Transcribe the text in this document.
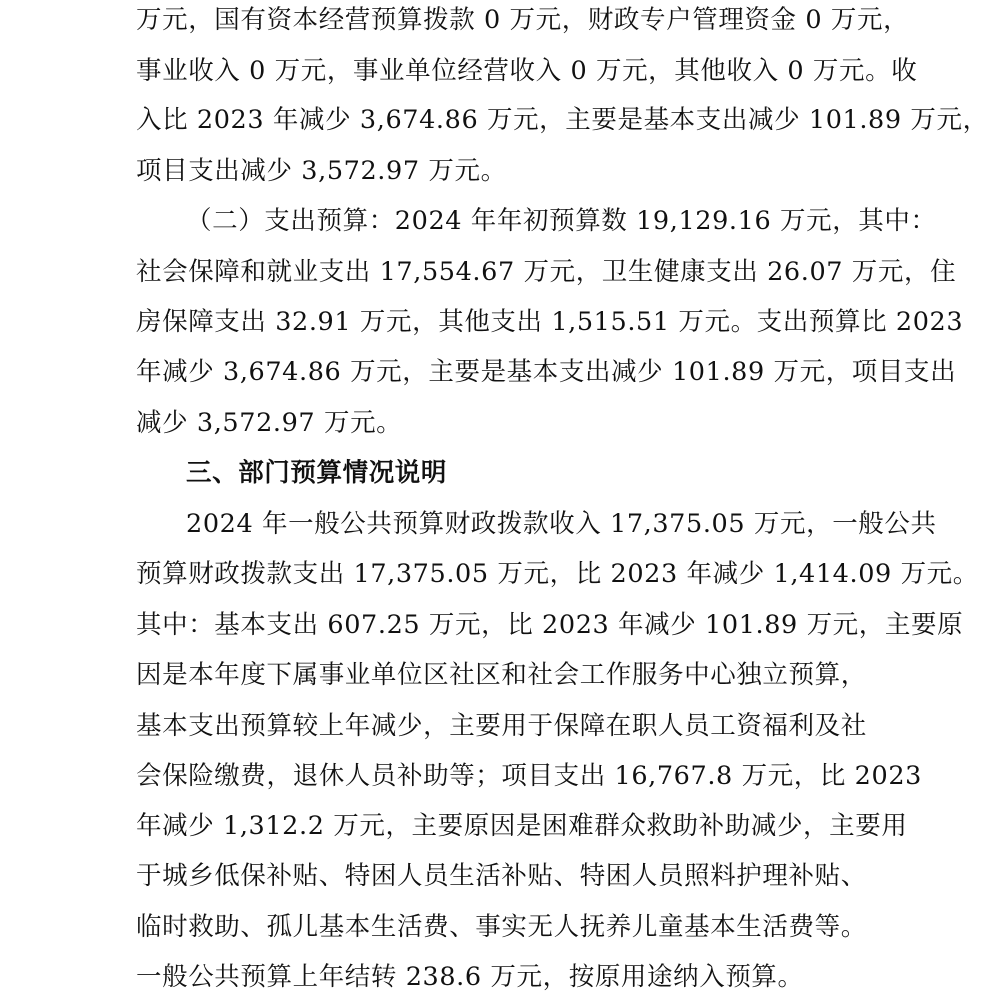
万元，国有资本经营预算拨款 0 万元，财政专户管理资金 0 万元，
事业收入 0 万元，事业单位经营收入 0 万元，其他收入 0 万元。收
入比 2023 年减少 3,674.86 万元，主要是基本支出减少 101.89 万元，
项目支出减少 3,572.97 万元。
（二）支出预算：2024 年年初预算数 19,129.16 万元，其中：
社会保障和就业支出 17,554.67 万元，卫生健康支出 26.07 万元，住
房保障支出 32.91 万元，其他支出 1,515.51 万元。支出预算比 2023
年减少 3,674.86 万元，主要是基本支出减少 101.89 万元，项目支出
减少 3,572.97 万元。
三、部门预算情况说明
2024 年一般公共预算财政拨款收入 17,375.05 万元，一般公共
预算财政拨款支出 17,375.05 万元，比 2023 年减少 1,414.09 万元。
其中：基本支出 607.25 万元，比 2023 年减少 101.89 万元，主要原
因是本年度下属事业单位区社区和社会工作服务中心独立预算，
基本支出预算较上年减少，主要用于保障在职人员工资福利及社
会保险缴费，退休人员补助等；项目支出 16,767.8 万元，比 2023
年减少 1,312.2 万元，主要原因是困难群众救助补助减少，主要用
于城乡低保补贴、特困人员生活补贴、特困人员照料护理补贴、
临时救助、孤儿基本生活费、事实无人抚养儿童基本生活费等。
一般公共预算上年结转 238.6 万元，按原用途纳入预算。
